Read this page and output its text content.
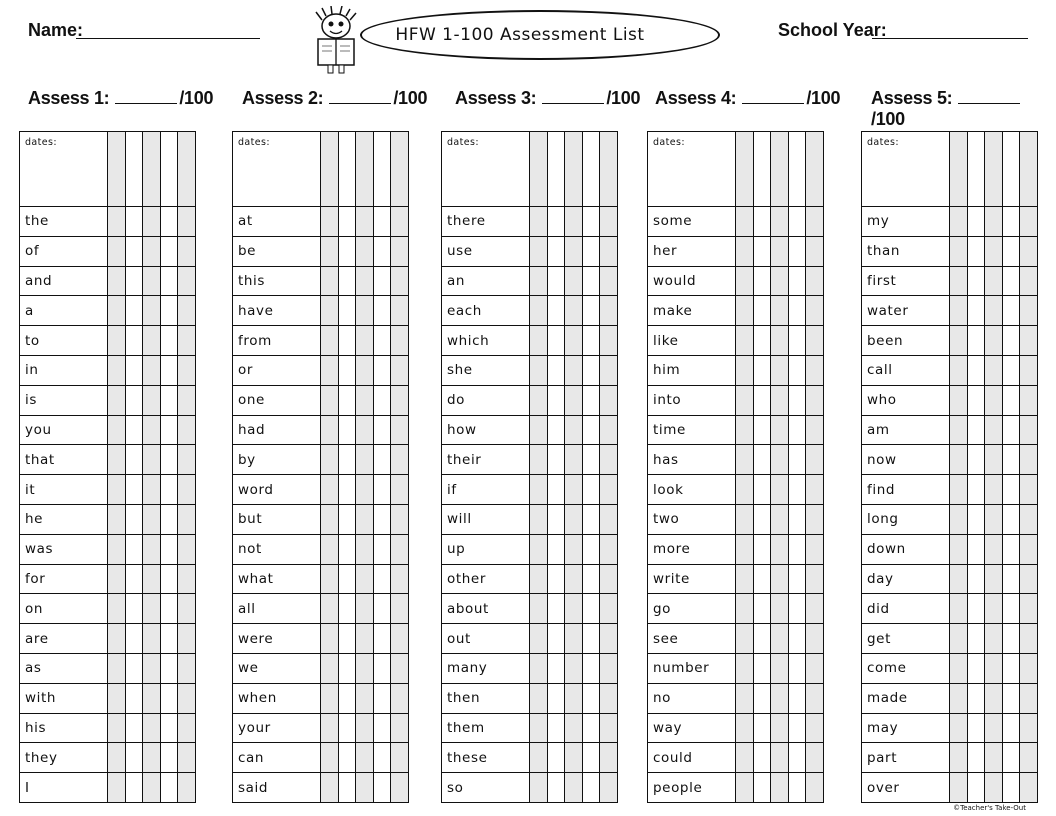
Name:	HFW 1-100 Assessment List	School Year:
Assess 1:	/100
dates:
the
of
and
a
to
in
is
you
that
it
he
was
for
on
are
as
with
his
they
I
Assess 2:	/100
dates:
at
be
this
have
from
or
one
had
by
word
but
not
what
all
were
we
when
your
can
said
Assess 3:	/100
dates:
there
use
an
each
which
she
do
how
their
if
will
up
other
about
out
many
then
them
these
so
Assess 4:	/100
dates:
some
her
would
make
like
him
into
time
has
look
two
more
write
go
see
number
no
way
could
people
Assess 5:/100
dates:
my
than
first
water
been
call
who
am
now
find
long
down
day
did
get
come
made
may
part
over
©Teacher's Take-Out
